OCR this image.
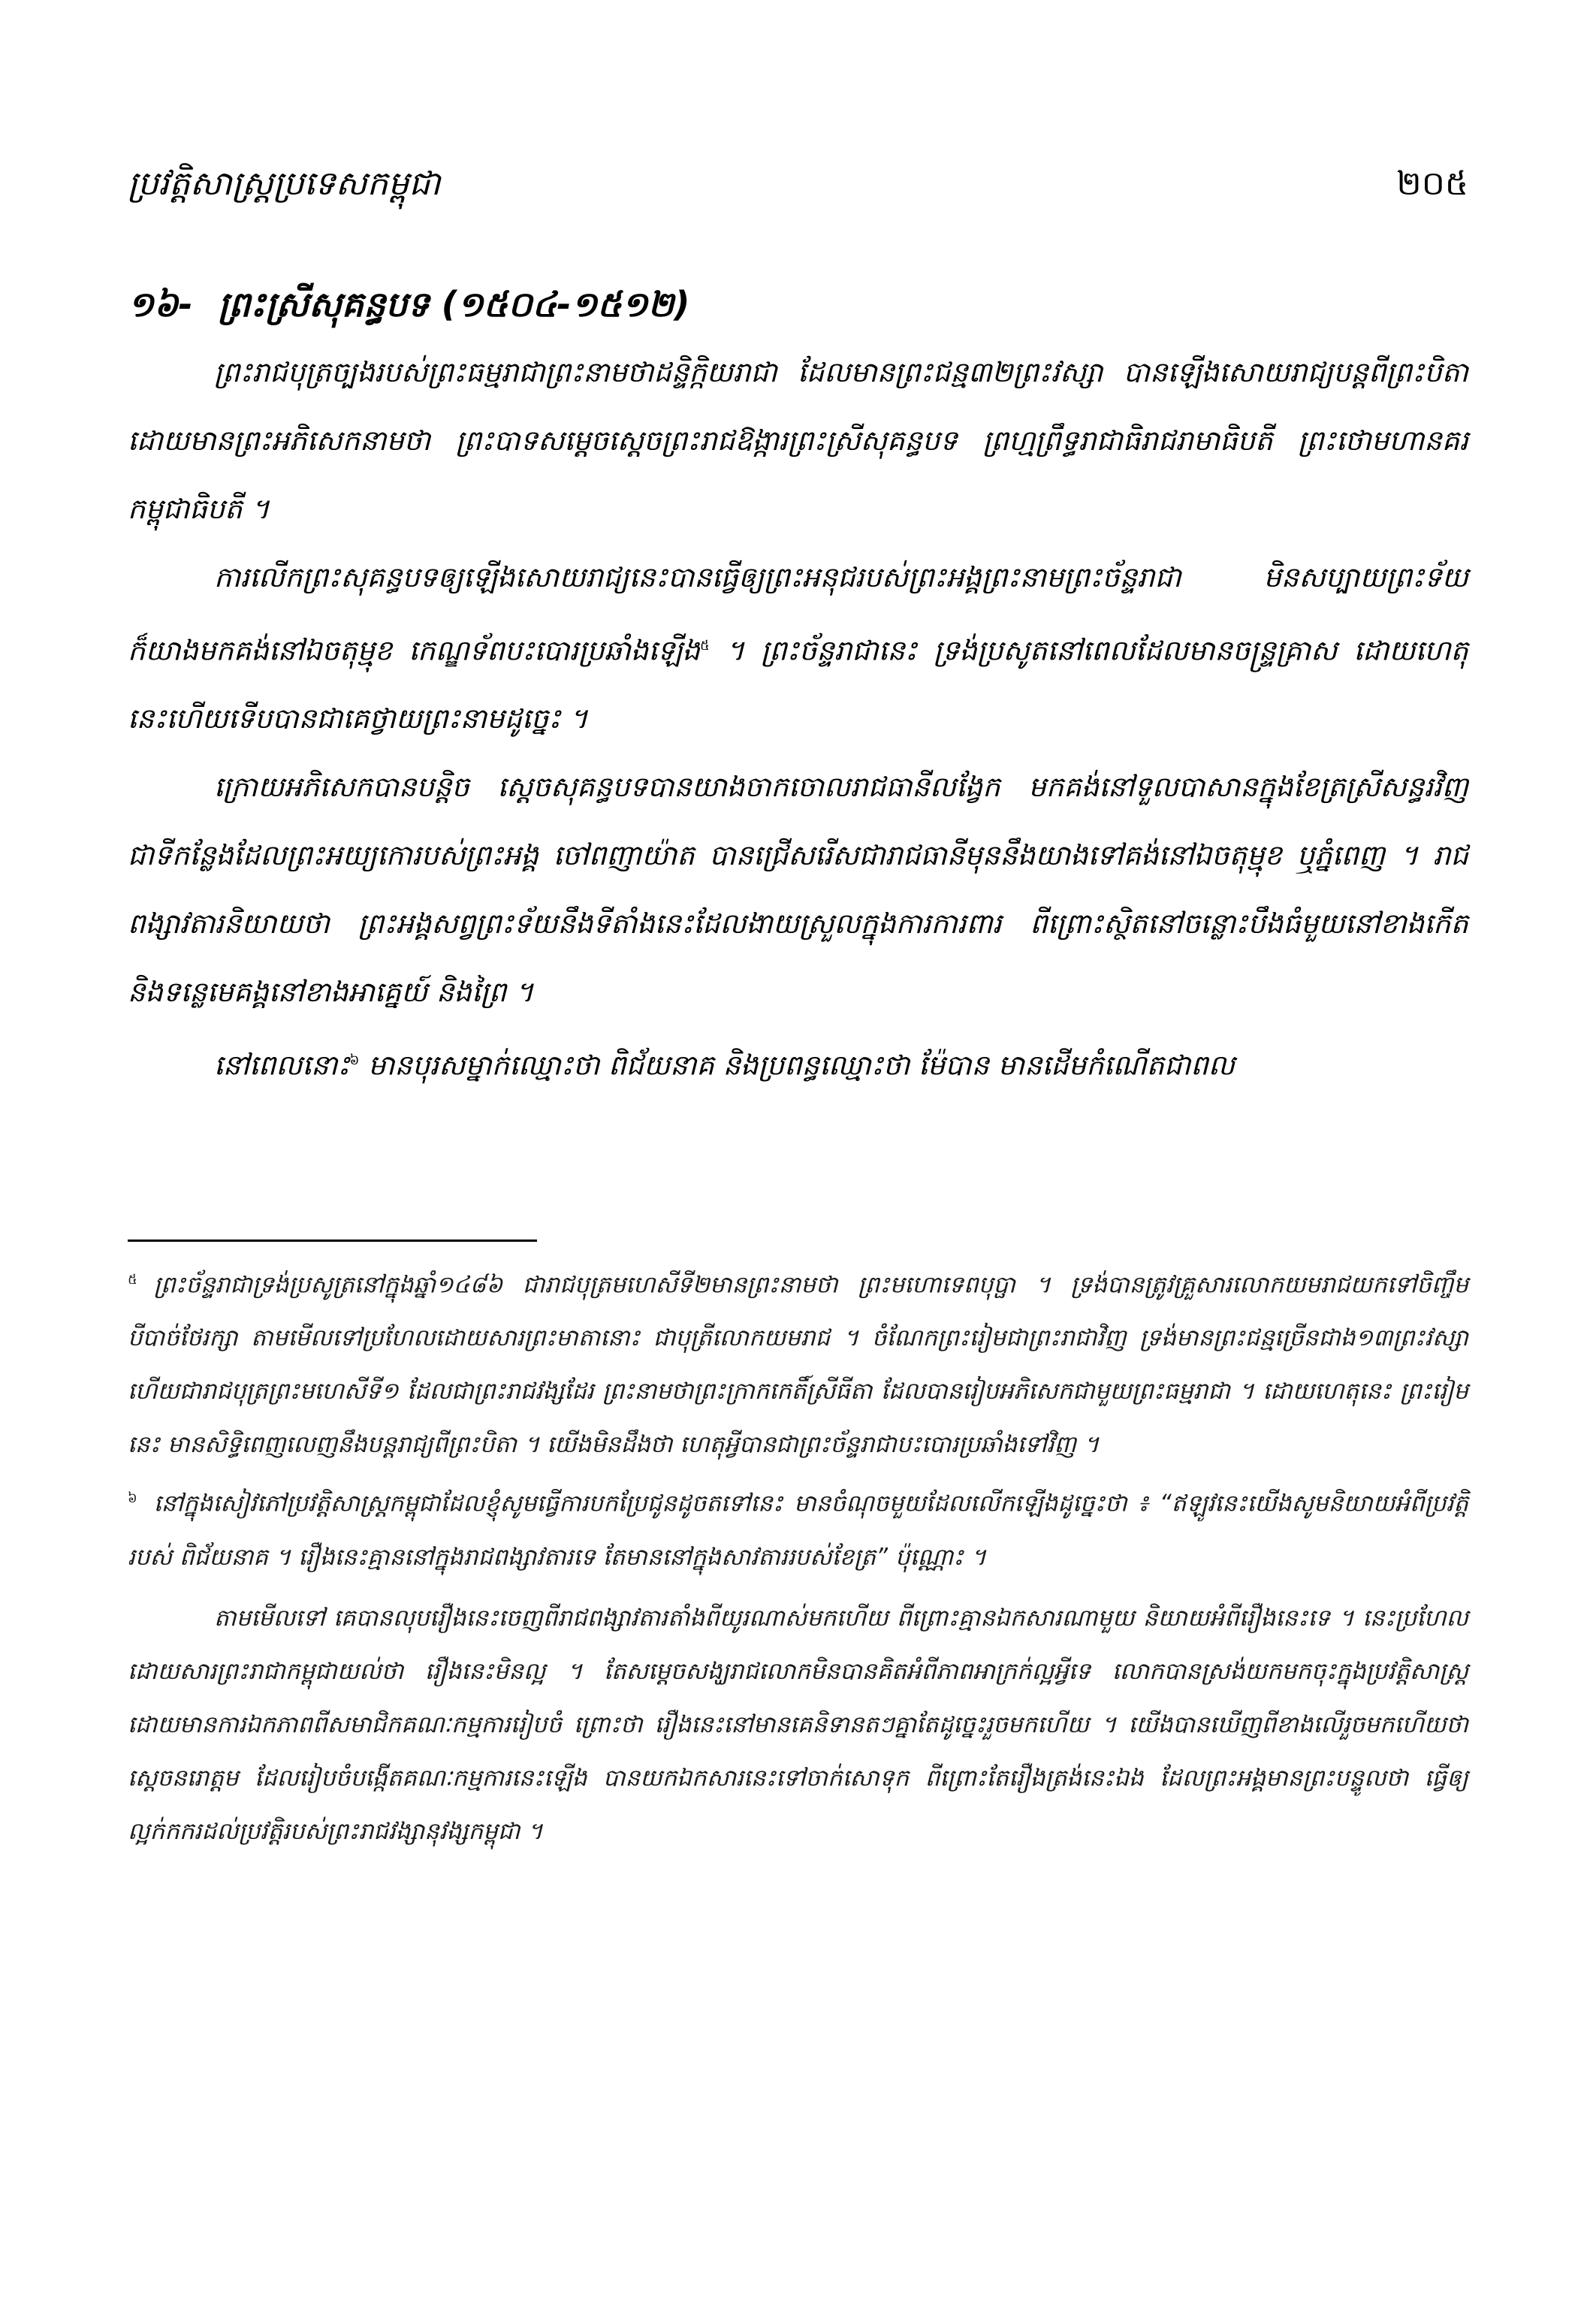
ប្រវត្តិសាស្ត្រប្រទេសកម្ពុជា	២០៥
១៦- ព្រះស្រីសុគន្ធបទ (១៥០៤-១៥១២)

ព្រះរាជបុត្រច្បងរបស់ព្រះធម្មរាជាព្រះនាមថាដន្ទិក្កិយរាជា ដែលមានព្រះជន្ម៣២ព្រះវស្សា បានឡើងសោយរាជ្យបន្តពីព្រះបិតា ដោយមានព្រះអភិសេកនាមថា ព្រះបាទសម្តេចស្តេចព្រះរាជឱង្ការព្រះស្រីសុគន្ធបទ ព្រហ្មព្រឹទ្ធរាជាធិរាជរាមាធិបតី ព្រះថោមហានគរកម្ពុជាធិបតី ។

ការលើកព្រះសុគន្ធបទឲ្យឡើងសោយរាជ្យនេះបានធ្វើឲ្យព្រះអនុជរបស់ព្រះអង្គព្រះនាមព្រះច័ន្ទរាជា មិនសប្បាយព្រះទ័យ ក៏យាងមកគង់នៅឯចតុម្មុខ កេណ្ឌទ័ពបះបោរប្រឆាំងឡើង$^៥$ ។ ព្រះច័ន្ទរាជានេះ ទ្រង់ប្រសូតនៅពេលដែលមានចន្ទ្រគ្រាស ដោយហេតុនេះហើយទើបបានជាគេថ្វាយព្រះនាមដូច្នេះ ។

ក្រោយអភិសេកបានបន្តិច ស្តេចសុគន្ធបទបានយាងចាកចោលរាជធានីលង្វែក មកគង់នៅទួលបាសានក្នុងខែត្រស្រីសន្ធរវិញ ជាទីកន្លែងដែលព្រះអយ្យកោរបស់ព្រះអង្គ ចៅពញាយ៉ាត បានជ្រើសរើសជារាជធានីមុននឹងយាងទៅគង់នៅឯចតុម្មុខ ឬភ្នំពេញ ។ រាជពង្សាវតារនិយាយថា ព្រះអង្គសព្វព្រះទ័យនឹងទីតាំងនេះដែលងាយស្រួលក្នុងការការពារ ពីព្រោះស្ថិតនៅចន្លោះបឹងធំមួយនៅខាងកើត និងទន្លេមេគង្គនៅខាងអាគ្នេយ៍ និងព្រៃ ។

នៅពេលនោះ$^៦$ មានបុរសម្នាក់ឈ្មោះថា ពិជ័យនាគ និងប្រពន្ធឈ្មោះថា ម៉ែបាន មានដើមកំណើតជាពល

$^៥$ ព្រះច័ន្ទរាជាទ្រង់ប្រសូត្រនៅក្នុងឆ្នាំ១៤៨៦ ជារាជបុត្រមហេសីទី២មានព្រះនាមថា ព្រះមហោទេពបុប្ផា ។ ទ្រង់បានត្រូវគ្រួសារលោកយមរាជយកទៅចិញ្ចឹមបីបាច់ថែរក្សា តាមមើលទៅប្រហែលដោយសារព្រះមាតានោះ ជាបុត្រីលោកយមរាជ ។ ចំណែកព្រះរៀមជាព្រះរាជាវិញ ទ្រង់មានព្រះជន្មច្រើនជាង១៣ព្រះវស្សា ហើយជារាជបុត្រព្រះមហេសីទី១ ដែលជាព្រះរាជវង្សដែរ ព្រះនាមថាព្រះក្រាកកេតិ៍ស្រីធីតា ដែលបានរៀបអភិសេកជាមួយព្រះធម្មរាជា ។ ដោយហេតុនេះ ព្រះរៀមនេះ មានសិទ្ធិពេញលេញនឹងបន្តរាជ្យពីព្រះបិតា ។ យើងមិនដឹងថា ហេតុអ្វីបានជាព្រះច័ន្ទរាជាបះបោរប្រឆាំងទៅវិញ ។

$^៦$ នៅក្នុងសៀវភៅប្រវត្តិសាស្ត្រកម្ពុជាដែលខ្ញុំសូមធ្វើការបកប្រែជូនដូចតទៅនេះ មានចំណុចមួយដែលលើកឡើងដូច្នេះថា ៖ “ឥឡូវនេះយើងសូមនិយាយអំពីប្រវត្តិរបស់ ពិជ័យនាគ ។ រឿងនេះគ្មាននៅក្នុងរាជពង្សាវតារទេ តែមាននៅក្នុងសាវតាររបស់ខែត្រ” ប៉ុណ្ណោះ ។

តាមមើលទៅ គេបានលុបរឿងនេះចេញពីរាជពង្សាវតារតាំងពីយូរណាស់មកហើយ ពីព្រោះគ្មានឯកសារណាមួយ និយាយអំពីរឿងនេះទេ ។ នេះប្រហែលដោយសារព្រះរាជាកម្ពុជាយល់ថា រឿងនេះមិនល្អ ។ តែសម្តេចសង្ឃរាជលោកមិនបានគិតអំពីភាពអាក្រក់ល្អអ្វីទេ លោកបានស្រង់យកមកចុះក្នុងប្រវត្តិសាស្ត្រ ដោយមានការឯកភាពពីសមាជិកគណៈកម្មការរៀបចំ ព្រោះថា រឿងនេះនៅមានគេនិទានតៗគ្នាតែដូច្នេះរួចមកហើយ ។ យើងបានឃើញពីខាងលើរួចមកហើយថា ស្តេចនរោត្តម ដែលរៀបចំបង្កើតគណៈកម្មការនេះឡើង បានយកឯកសារនេះទៅចាក់សោទុក ពីព្រោះតែរឿងត្រង់នេះឯង ដែលព្រះអង្គមានព្រះបន្ទូលថា ធ្វើឲ្យល្អក់កករដល់ប្រវត្តិរបស់ព្រះរាជវង្សានុវង្សកម្ពុជា ។
